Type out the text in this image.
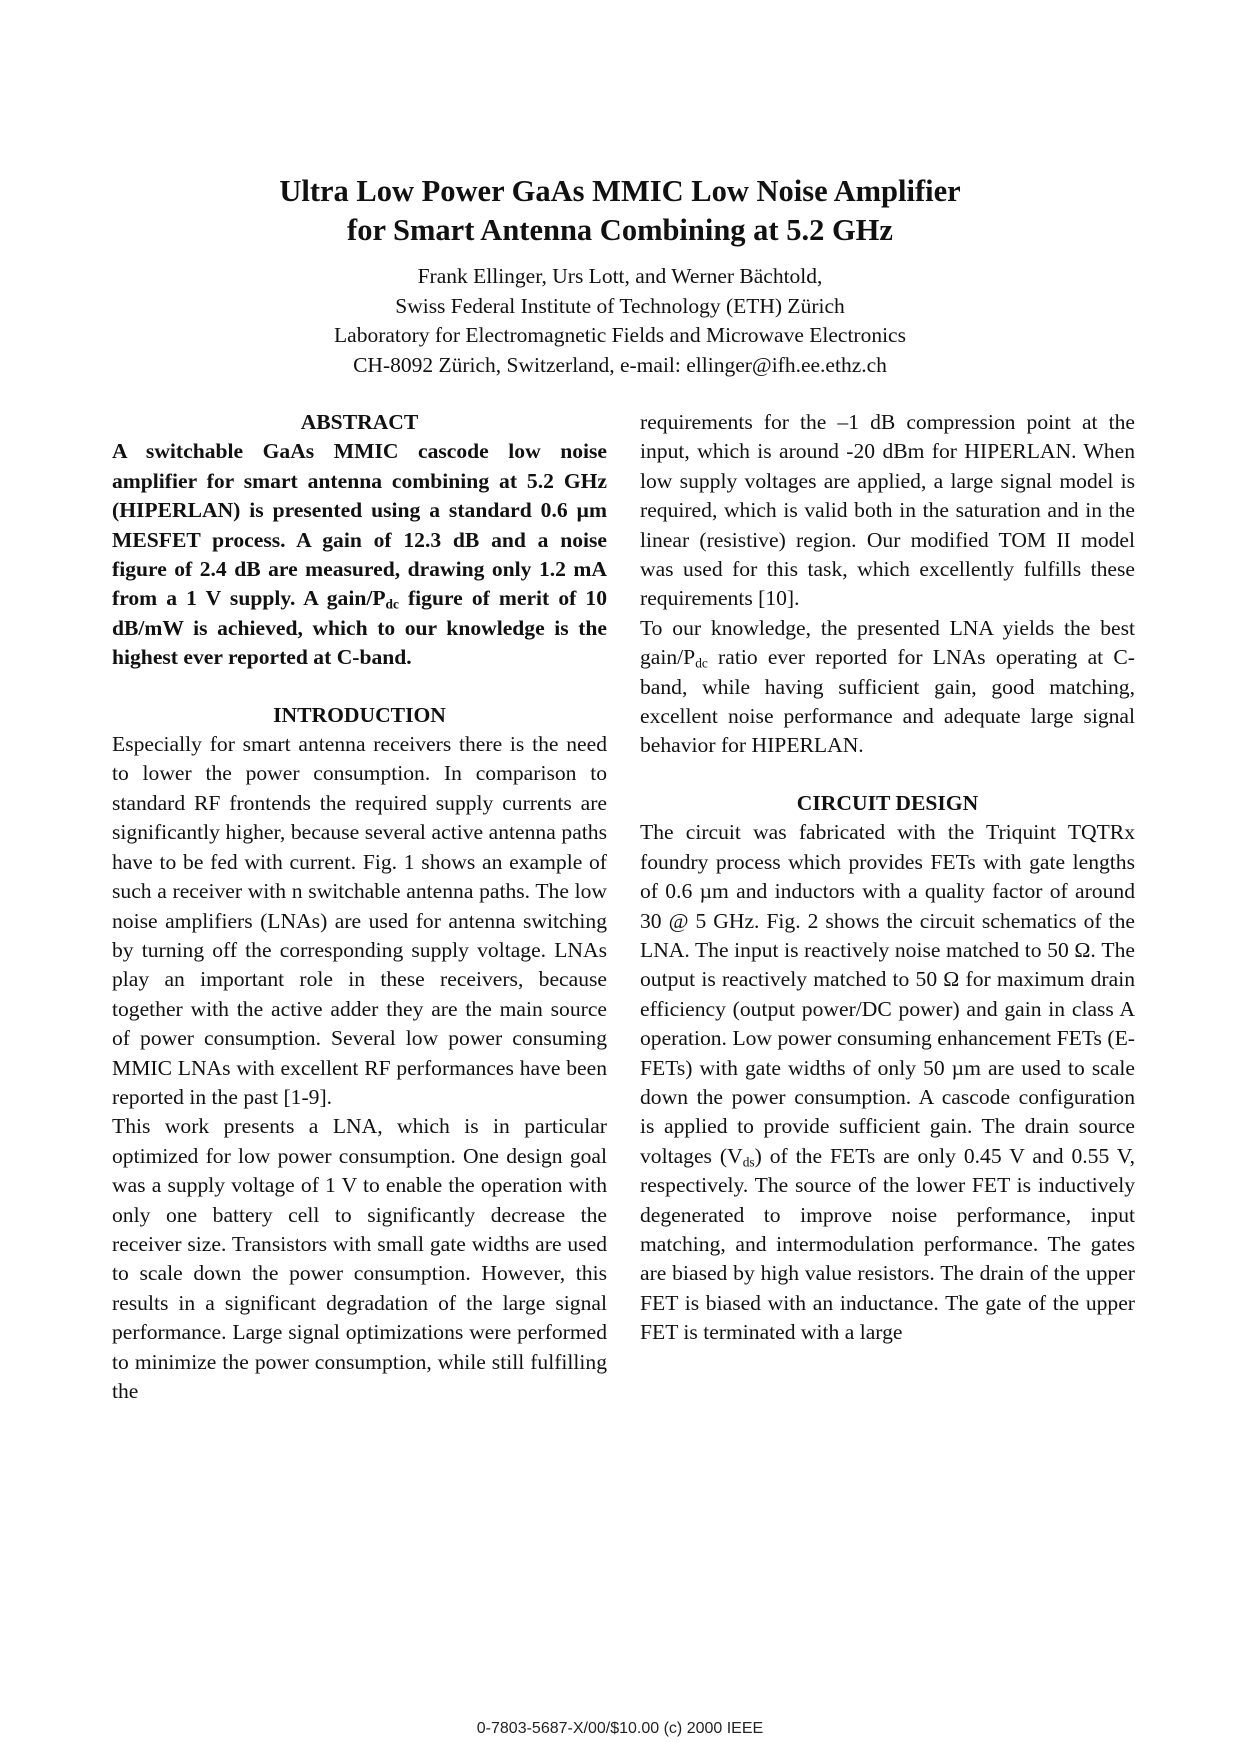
Ultra Low Power GaAs MMIC Low Noise Amplifier
for Smart Antenna Combining at 5.2 GHz
Frank Ellinger, Urs Lott, and Werner Bächtold,
Swiss Federal Institute of Technology (ETH) Zürich
Laboratory for Electromagnetic Fields and Microwave Electronics
CH-8092 Zürich, Switzerland, e-mail: ellinger@ifh.ee.ethz.ch

ABSTRACT

A switchable GaAs MMIC cascode low noise amplifier for smart antenna combining at 5.2 GHz (HIPERLAN) is presented using a standard 0.6 µm MESFET process. A gain of 12.3 dB and a noise figure of 2.4 dB are measured, drawing only 1.2 mA from a 1 V supply. A gain/$P_{dc}$ figure of merit of 10 dB/mW is achieved, which to our knowledge is the highest ever reported at C-band.

INTRODUCTION

Especially for smart antenna receivers there is the need to lower the power consumption. In comparison to standard RF frontends the required supply currents are significantly higher, because several active antenna paths have to be fed with current. Fig. 1 shows an example of such a receiver with n switchable antenna paths. The low noise amplifiers (LNAs) are used for antenna switching by turning off the corresponding supply voltage. LNAs play an important role in these receivers, because together with the active adder they are the main source of power consumption. Several low power consuming MMIC LNAs with excellent RF performances have been reported in the past [1-9].

This work presents a LNA, which is in particular optimized for low power consumption. One design goal was a supply voltage of 1 V to enable the operation with only one battery cell to significantly decrease the receiver size. Transistors with small gate widths are used to scale down the power consumption. However, this results in a significant degradation of the large signal performance. Large signal optimizations were performed to minimize the power consumption, while still fulfilling the

requirements for the –1 dB compression point at the input, which is around -20 dBm for HIPERLAN. When low supply voltages are applied, a large signal model is required, which is valid both in the saturation and in the linear (resistive) region. Our modified TOM II model was used for this task, which excellently fulfills these requirements [10].

To our knowledge, the presented LNA yields the best gain/$P_{dc}$ ratio ever reported for LNAs operating at C-band, while having sufficient gain, good matching, excellent noise performance and adequate large signal behavior for HIPERLAN.

CIRCUIT DESIGN

The circuit was fabricated with the Triquint TQTRx foundry process which provides FETs with gate lengths of 0.6 µm and inductors with a quality factor of around 30 @ 5 GHz. Fig. 2 shows the circuit schematics of the LNA. The input is reactively noise matched to 50 Ω. The output is reactively matched to 50 Ω for maximum drain efficiency (output power/DC power) and gain in class A operation. Low power consuming enhancement FETs (E-FETs) with gate widths of only 50 µm are used to scale down the power consumption. A cascode configuration is applied to provide sufficient gain. The drain source voltages $(V_{ds})$ of the FETs are only 0.45 V and 0.55 V, respectively. The source of the lower FET is inductively degenerated to improve noise performance, input matching, and intermodulation performance. The gates are biased by high value resistors. The drain of the upper FET is biased with an inductance. The gate of the upper FET is terminated with a large

0-7803-5687-X/00/$10.00 (c) 2000 IEEE
